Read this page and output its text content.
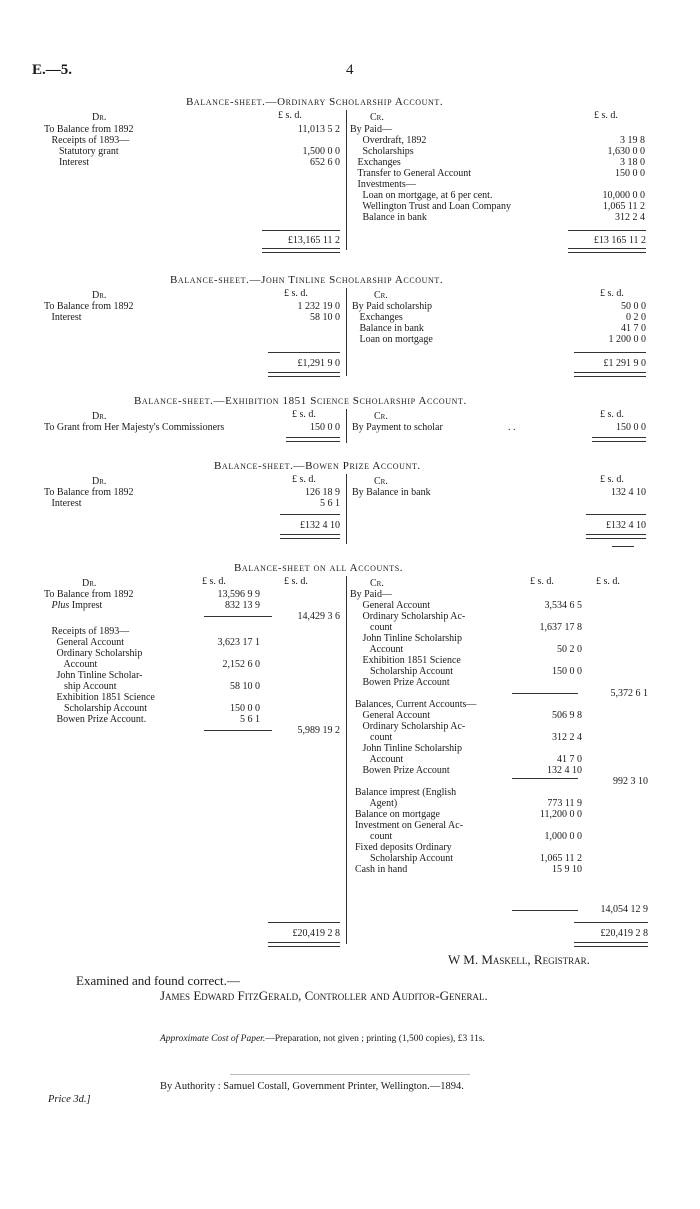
E.—5.	4
Balance-sheet.—Ordinary Scholarship Account.
Dr.	£ s. d.	Cr.	£ s. d.
To Balance from 1892	11,013 5 2
Receipts of 1893—
Statutory grant	1,500 0 0
Interest	652 6 0
By Paid—
Overdraft, 1892	3 19 8
Scholarships	1,630 0 0
Exchanges	3 18 0
Transfer to General Account	150 0 0
Investments—
Loan on mortgage, at 6 per cent.	10,000 0 0
Wellington Trust and Loan Company	1,065 11 2
Balance in bank	312 2 4
£13,165 11 2	£13 165 11 2
Balance-sheet.—John Tinline Scholarship Account.
Dr.	£ s. d.	Cr.	£ s. d.
To Balance from 1892	1 232 19 0
Interest	58 10 0
By Paid scholarship	50 0 0
Exchanges	0 2 0
Balance in bank	41 7 0
Loan on mortgage	1 200 0 0
£1,291 9 0	£1 291 9 0
Balance-sheet.—Exhibition 1851 Science Scholarship Account.
Dr.	£ s. d.	Cr.	£ s. d.
To Grant from Her Majesty's Commissioners	150 0 0 By Payment to scholar	. .	150 0 0
Balance-sheet.—Bowen Prize Account.
Dr.	£ s. d.	Cr.	£ s. d.
To Balance from 1892	126 18 9
Interest	5 6 1
By Balance in bank	132 4 10
£132 4 10	£132 4 10
Balance-sheet on all Accounts.
Dr.	£ s. d.	£ s. d.	Cr.	£ s. d.	£ s. d.
To Balance from 1892	13,596 9 9
Plus Imprest	832 13 9
14,429 3 6
Receipts of 1893—
General Account	3,623 17 1
Ordinary Scholarship
Account	2,152 6 0
John Tinline Scholar-
ship Account	58 10 0
Exhibition 1851 Science
Scholarship Account	150 0 0
Bowen Prize Account.	5 6 1
5,989 19 2
By Paid—
General Account	3,534 6 5
Ordinary Scholarship Ac-
count	1,637 17 8
John Tinline Scholarship
Account	50 2 0
Exhibition 1851 Science
Scholarship Account	150 0 0
Bowen Prize Account
5,372 6 1
Balances, Current Accounts—
General Account	506 9 8
Ordinary Scholarship Ac-
count	312 2 4
John Tinline Scholarship
Account	41 7 0
Bowen Prize Account	132 4 10
992 3 10
Balance imprest (English
Agent)	773 11 9
Balance on mortgage	11,200 0 0
Investment on General Ac-
count	1,000 0 0
Fixed deposits Ordinary
Scholarship Account	1,065 11 2
Cash in hand	15 9 10
14,054 12 9
£20,419 2 8	£20,419 2 8
W M. Maskell, Registrar.
Examined and found correct.—
James Edward FitzGerald, Controller and Auditor-General.
Approximate Cost of Paper.—Preparation, not given ; printing (1,500 copies), £3 11s.
By Authority : Samuel Costall, Government Printer, Wellington.—1894.
Price 3d.]
